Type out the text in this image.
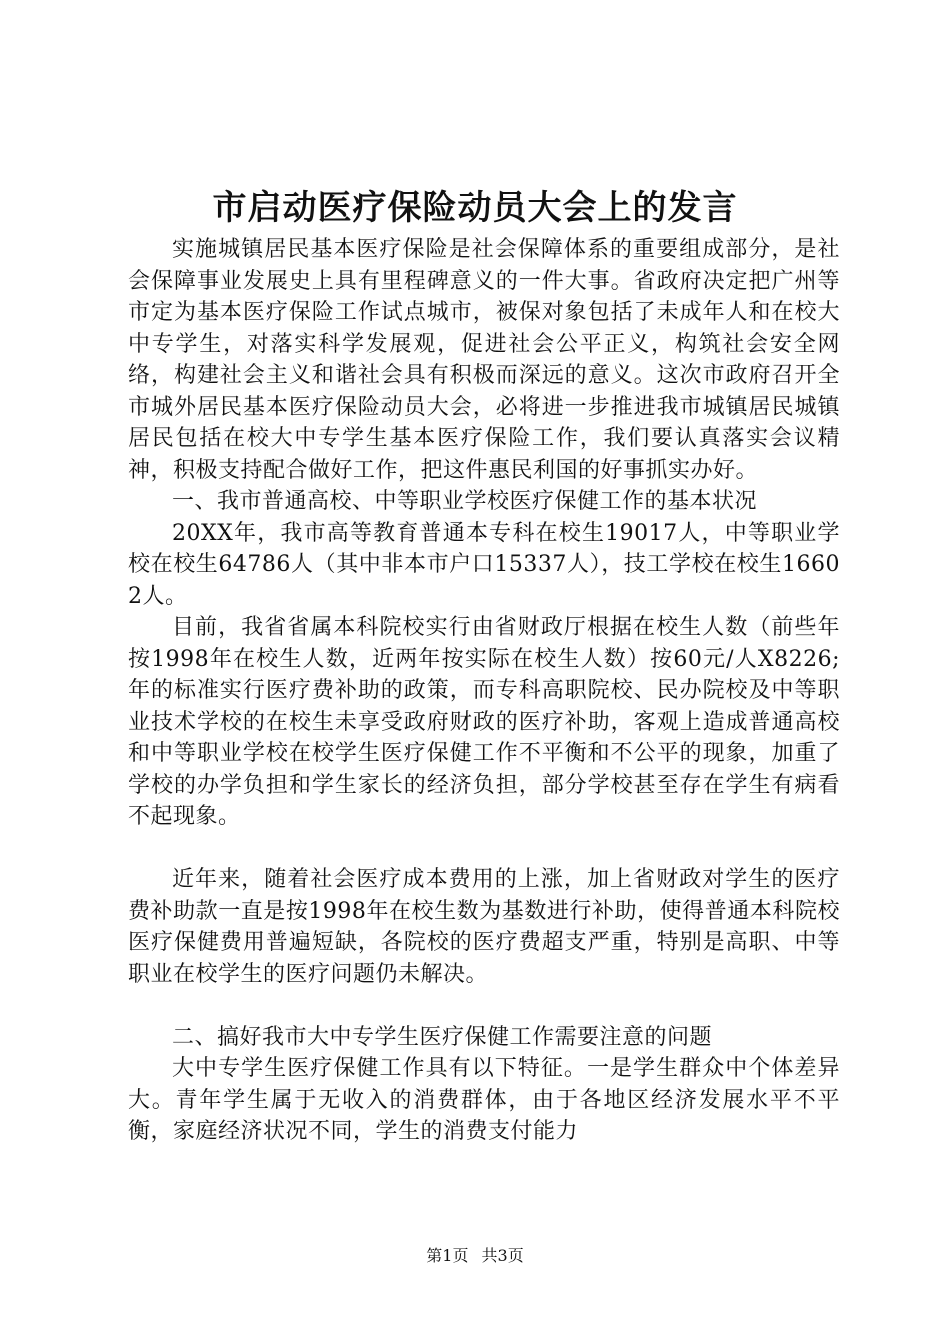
市启动医疗保险动员大会上的发言

实施城镇居民基本医疗保险是社会保障体系的重要组成部分，是社会保障事业发展史上具有里程碑意义的一件大事。省政府决定把广州等市定为基本医疗保险工作试点城市，被保对象包括了未成年人和在校大中专学生，对落实科学发展观，促进社会公平正义，构筑社会安全网络，构建社会主义和谐社会具有积极而深远的意义。这次市政府召开全市城外居民基本医疗保险动员大会，必将进一步推进我市城镇居民城镇居民包括在校大中专学生基本医疗保险工作，我们要认真落实会议精神，积极支持配合做好工作，把这件惠民利国的好事抓实办好。

一、我市普通高校、中等职业学校医疗保健工作的基本状况

20XX年，我市高等教育普通本专科在校生19017人，中等职业学校在校生64786人（其中非本市户口15337人），技工学校在校生16602人。

目前，我省省属本科院校实行由省财政厅根据在校生人数（前些年按1998年在校生人数，近两年按实际在校生人数）按60元/人X8226;年的标准实行医疗费补助的政策，而专科高职院校、民办院校及中等职业技术学校的在校生未享受政府财政的医疗补助，客观上造成普通高校和中等职业学校在校学生医疗保健工作不平衡和不公平的现象，加重了学校的办学负担和学生家长的经济负担，部分学校甚至存在学生有病看不起现象。

近年来，随着社会医疗成本费用的上涨，加上省财政对学生的医疗费补助款一直是按1998年在校生数为基数进行补助，使得普通本科院校医疗保健费用普遍短缺，各院校的医疗费超支严重，特别是高职、中等职业在校学生的医疗问题仍未解决。

二、搞好我市大中专学生医疗保健工作需要注意的问题

大中专学生医疗保健工作具有以下特征。一是学生群众中个体差异大。青年学生属于无收入的消费群体，由于各地区经济发展水平不平衡，家庭经济状况不同，学生的消费支付能力

第1页 共3页
